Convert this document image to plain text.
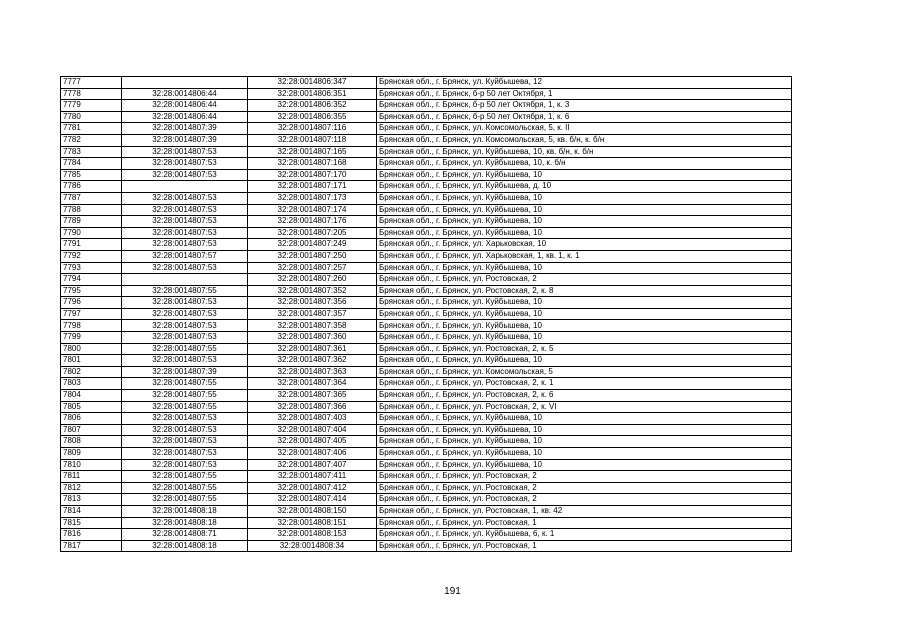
7777		32:28:0014806:347	Брянская обл., г. Брянск, ул. Куйбышева, 12
7778	32:28:0014806:44	32:28:0014806:351	Брянская обл., г. Брянск, б-р 50 лет Октября, 1
7779	32:28:0014806:44	32:28:0014806:352	Брянская обл., г. Брянск, б-р 50 лет Октября, 1, к. 3
7780	32:28:0014806:44	32:28:0014806:355	Брянская обл., г. Брянск, б-р 50 лет Октября, 1, к. 6
7781	32:28:0014807:39	32:28:0014807:116	Брянская обл., г. Брянск, ул. Комсомольская, 5, к. II
7782	32:28:0014807:39	32:28:0014807:118	Брянская обл., г. Брянск, ул. Комсомольская, 5, кв. б/н, к. б/н
7783	32:28:0014807:53	32:28:0014807:165	Брянская обл., г. Брянск, ул. Куйбышева, 10, кв. б/н, к. б/н
7784	32:28:0014807:53	32:28:0014807:168	Брянская обл., г. Брянск, ул. Куйбышева, 10, к. б/н
7785	32:28:0014807:53	32:28:0014807:170	Брянская обл., г. Брянск, ул. Куйбышева, 10
7786		32:28:0014807:171	Брянская обл., г. Брянск, ул. Куйбышева, д. 10
7787	32:28:0014807:53	32:28:0014807:173	Брянская обл., г. Брянск, ул. Куйбышева, 10
7788	32:28:0014807:53	32:28:0014807:174	Брянская обл., г. Брянск, ул. Куйбышева, 10
7789	32:28:0014807:53	32:28:0014807:176	Брянская обл., г. Брянск, ул. Куйбышева, 10
7790	32:28:0014807:53	32:28:0014807:205	Брянская обл., г. Брянск, ул. Куйбышева, 10
7791	32:28:0014807:53	32:28:0014807:249	Брянская обл., г. Брянск, ул. Харьковская, 10
7792	32:28:0014807:57	32:28:0014807:250	Брянская обл., г. Брянск, ул. Харьковская, 1, кв. 1, к. 1
7793	32:28:0014807:53	32:28:0014807:257	Брянская обл., г. Брянск, ул. Куйбышева, 10
7794		32:28:0014807:260	Брянская обл., г. Брянск, ул. Ростовская, 2
7795	32:28:0014807:55	32:28:0014807:352	Брянская обл., г. Брянск, ул. Ростовская, 2, к. 8
7796	32:28:0014807:53	32:28:0014807:356	Брянская обл., г. Брянск, ул. Куйбышева, 10
7797	32:28:0014807:53	32:28:0014807:357	Брянская обл., г. Брянск, ул. Куйбышева, 10
7798	32:28:0014807:53	32:28:0014807:358	Брянская обл., г. Брянск, ул. Куйбышева, 10
7799	32:28:0014807:53	32:28:0014807:360	Брянская обл., г. Брянск, ул. Куйбышева, 10
7800	32:28:0014807:55	32:28:0014807:361	Брянская обл., г. Брянск, ул. Ростовская, 2, к. 5
7801	32:28:0014807:53	32:28:0014807:362	Брянская обл., г. Брянск, ул. Куйбышева, 10
7802	32:28:0014807:39	32:28:0014807:363	Брянская обл., г. Брянск, ул. Комсомольская, 5
7803	32:28:0014807:55	32:28:0014807:364	Брянская обл., г. Брянск, ул. Ростовская, 2, к. 1
7804	32:28:0014807:55	32:28:0014807:365	Брянская обл., г. Брянск, ул. Ростовская, 2, к. 6
7805	32:28:0014807:55	32:28:0014807:366	Брянская обл., г. Брянск, ул. Ростовская, 2, к. VI
7806	32:28:0014807:53	32:28:0014807:403	Брянская обл., г. Брянск, ул. Куйбышева, 10
7807	32:28:0014807:53	32:28:0014807:404	Брянская обл., г. Брянск, ул. Куйбышева, 10
7808	32:28:0014807:53	32:28:0014807:405	Брянская обл., г. Брянск, ул. Куйбышева, 10
7809	32:28:0014807:53	32:28:0014807:406	Брянская обл., г. Брянск, ул. Куйбышева, 10
7810	32:28:0014807:53	32:28:0014807:407	Брянская обл., г. Брянск, ул. Куйбышева, 10
7811	32:28:0014807:55	32:28:0014807:411	Брянская обл., г. Брянск, ул. Ростовская, 2
7812	32:28:0014807:55	32:28:0014807:412	Брянская обл., г. Брянск, ул. Ростовская, 2
7813	32:28:0014807:55	32:28:0014807:414	Брянская обл., г. Брянск, ул. Ростовская, 2
7814	32:28:0014808:18	32:28:0014808:150	Брянская обл., г. Брянск, ул. Ростовская, 1, кв. 42
7815	32:28:0014808:18	32:28:0014808:151	Брянская обл., г. Брянск, ул. Ростовская, 1
7816	32:28:0014808:71	32:28:0014808:153	Брянская обл., г. Брянск, ул. Куйбышева, 6, к. 1
7817	32:28:0014808:18	32:28:0014808:34	Брянская обл., г. Брянск, ул. Ростовская, 1
191
